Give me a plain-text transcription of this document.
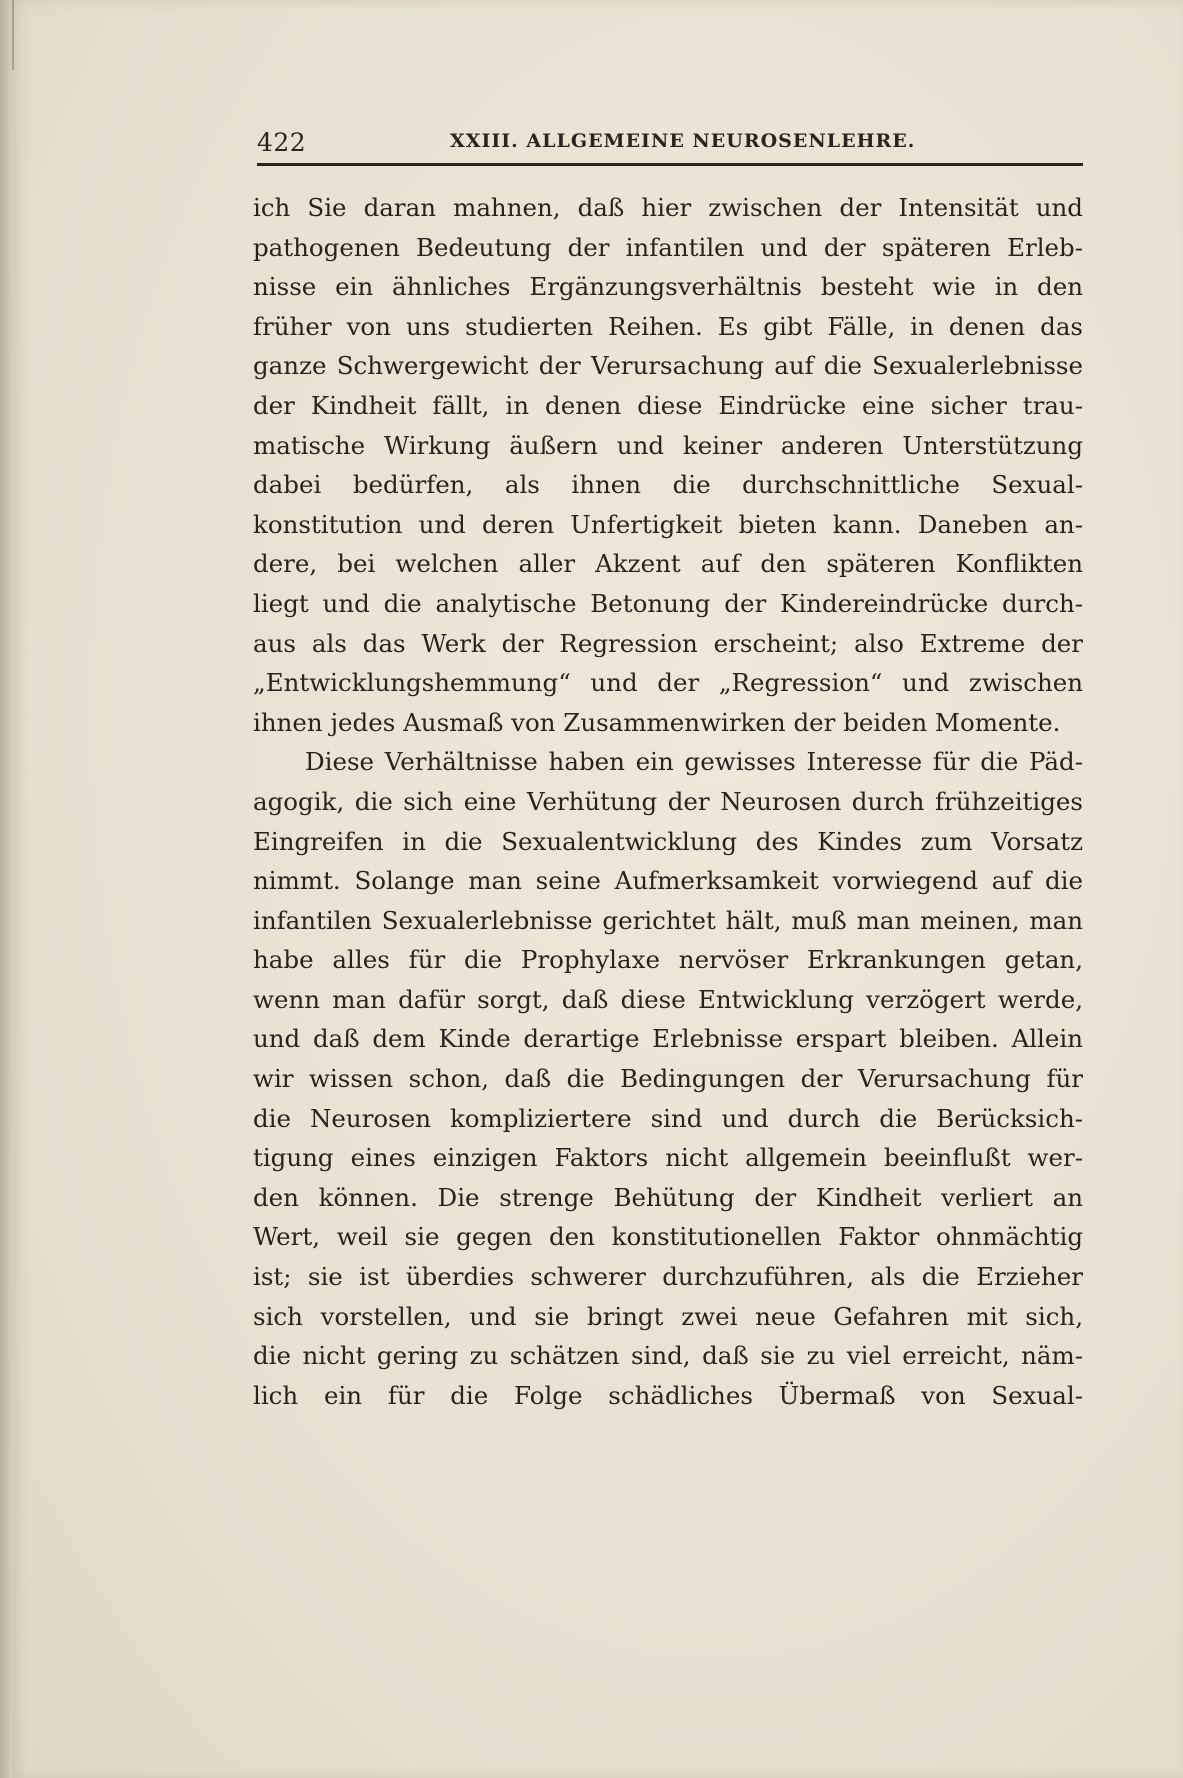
422	XXIII. ALLGEMEINE NEUROSENLEHRE.
ich Sie daran mahnen, daß hier zwischen der Intensität und
pathogenen Bedeutung der infantilen und der späteren Erleb-
nisse ein ähnliches Ergänzungsverhältnis besteht wie in den
früher von uns studierten Reihen. Es gibt Fälle, in denen das
ganze Schwergewicht der Verursachung auf die Sexualerlebnisse
der Kindheit fällt, in denen diese Eindrücke eine sicher trau-
matische Wirkung äußern und keiner anderen Unterstützung
dabei bedürfen, als ihnen die durchschnittliche Sexual-
konstitution und deren Unfertigkeit bieten kann. Daneben an-
dere, bei welchen aller Akzent auf den späteren Konflikten
liegt und die analytische Betonung der Kindereindrücke durch-
aus als das Werk der Regression erscheint; also Extreme der
„Entwicklungshemmung“ und der „Regression“ und zwischen
ihnen jedes Ausmaß von Zusammenwirken der beiden Momente.
Diese Verhältnisse haben ein gewisses Interesse für die Päd-
agogik, die sich eine Verhütung der Neurosen durch frühzeitiges
Eingreifen in die Sexualentwicklung des Kindes zum Vorsatz
nimmt. Solange man seine Aufmerksamkeit vorwiegend auf die
infantilen Sexualerlebnisse gerichtet hält, muß man meinen, man
habe alles für die Prophylaxe nervöser Erkrankungen getan,
wenn man dafür sorgt, daß diese Entwicklung verzögert werde,
und daß dem Kinde derartige Erlebnisse erspart bleiben. Allein
wir wissen schon, daß die Bedingungen der Verursachung für
die Neurosen kompliziertere sind und durch die Berücksich-
tigung eines einzigen Faktors nicht allgemein beeinflußt wer-
den können. Die strenge Behütung der Kindheit verliert an
Wert, weil sie gegen den konstitutionellen Faktor ohnmächtig
ist; sie ist überdies schwerer durchzuführen, als die Erzieher
sich vorstellen, und sie bringt zwei neue Gefahren mit sich,
die nicht gering zu schätzen sind, daß sie zu viel erreicht, näm-
lich ein für die Folge schädliches Übermaß von Sexual-
